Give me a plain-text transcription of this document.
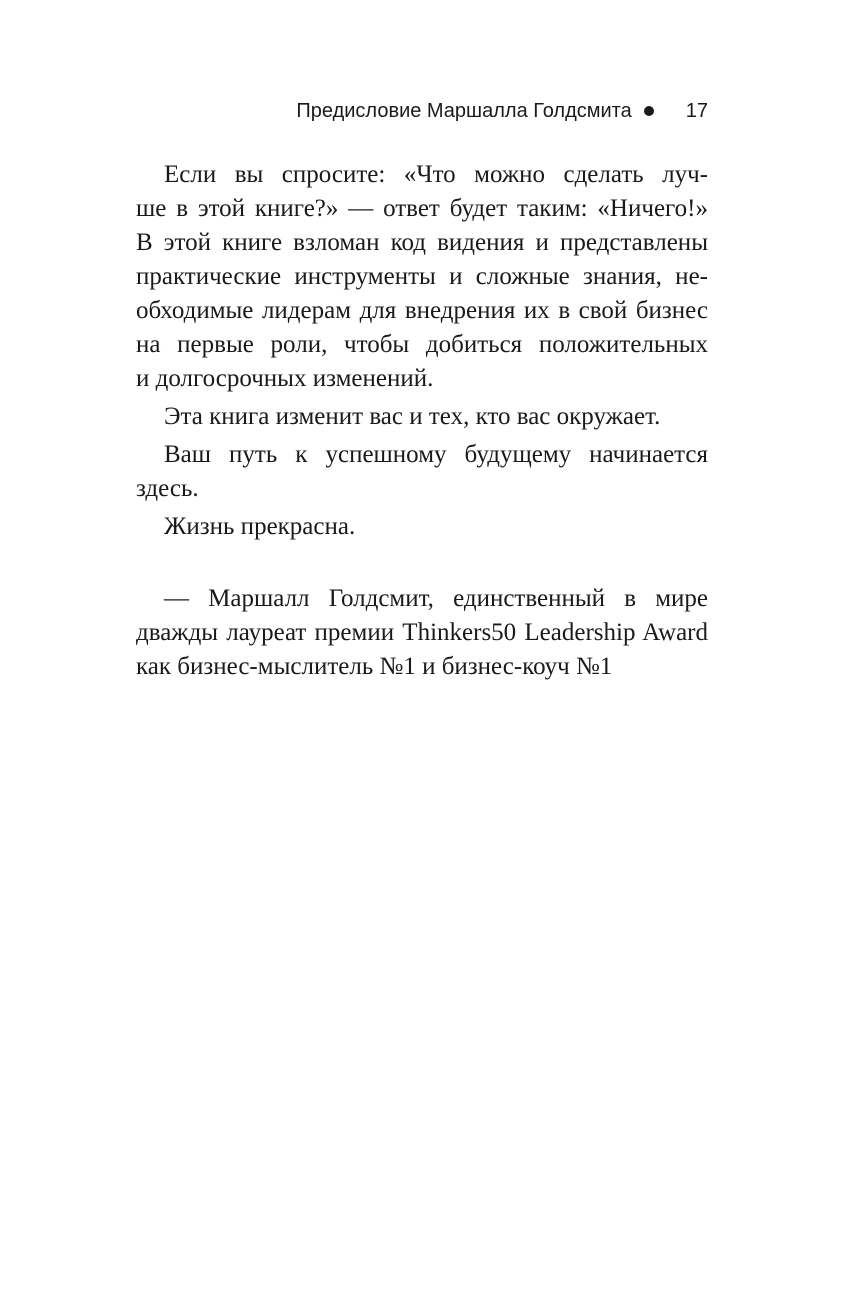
Предисловие Маршалла Голдсмита	17
Если вы спросите: «Что можно сделать луч-
ше в этой книге?» — ответ будет таким: «Ничего!»
В этой книге взломан код видения и представлены
практические инструменты и сложные знания, не-
обходимые лидерам для внедрения их в свой бизнес
на первые роли, чтобы добиться положительных
и долгосрочных изменений.
Эта книга изменит вас и тех, кто вас окружает.
Ваш путь к успешному будущему начинается
здесь.
Жизнь прекрасна.
— Маршалл Голдсмит, единственный в мире
дважды лауреат премии Thinkers50 Leadership Award
как бизнес-мыслитель №1 и бизнес-коуч №1
